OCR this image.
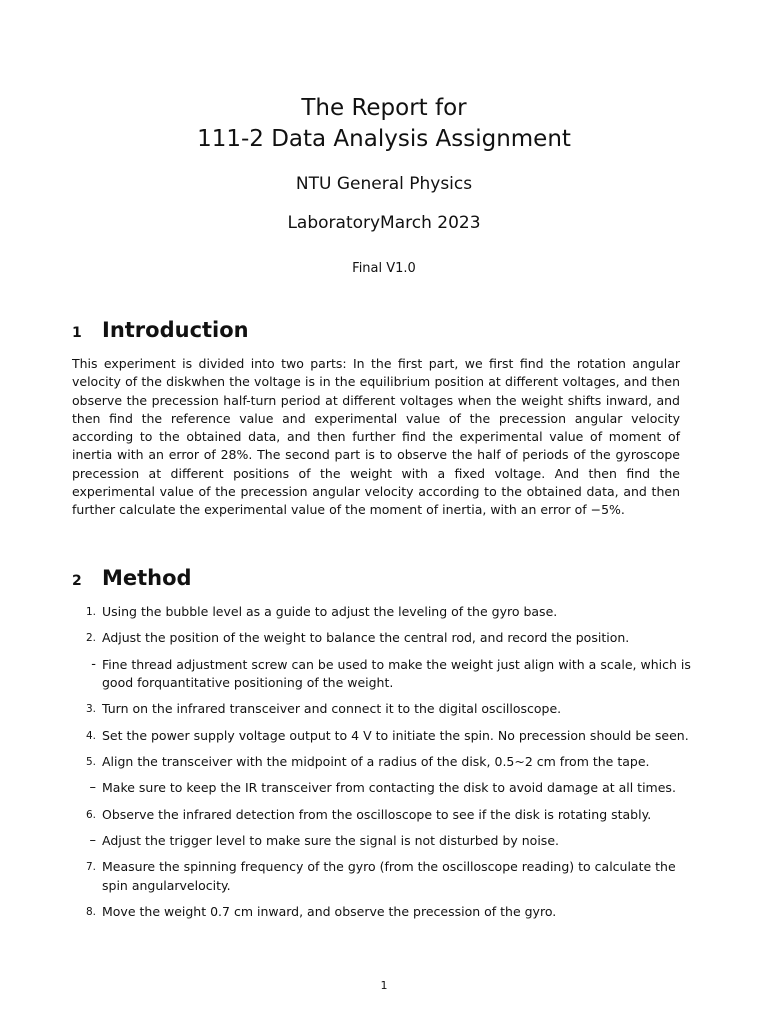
The Report for
111-2 Data Analysis Assignment
NTU General Physics
LaboratoryMarch 2023
Final V1.0
1 Introduction
This experiment is divided into two parts: In the first part, we first find the rotation angular velocity of the diskwhen the voltage is in the equilibrium position at different voltages, and then observe the precession half-turn period at different voltages when the weight shifts inward, and then find the reference value and experimental value of the precession angular velocity according to the obtained data, and then further find the experimental value of moment of inertia with an error of 28%. The second part is to observe the half of periods of the gyroscope precession at different positions of the weight with a fixed voltage. And then find the experimental value of the precession angular velocity according to the obtained data, and then further calculate the experimental value of the moment of inertia, with an error of −5%.
2 Method
1. Using the bubble level as a guide to adjust the leveling of the gyro base.
2. Adjust the position of the weight to balance the central rod, and record the position.
- Fine thread adjustment screw can be used to make the weight just align with a scale, which is good forquantitative positioning of the weight.
3. Turn on the infrared transceiver and connect it to the digital oscilloscope.
4. Set the power supply voltage output to 4 V to initiate the spin. No precession should be seen.
5. Align the transceiver with the midpoint of a radius of the disk, 0.5~2 cm from the tape.
– Make sure to keep the IR transceiver from contacting the disk to avoid damage at all times.
6. Observe the infrared detection from the oscilloscope to see if the disk is rotating stably.
– Adjust the trigger level to make sure the signal is not disturbed by noise.
7. Measure the spinning frequency of the gyro (from the oscilloscope reading) to calculate the spin angularvelocity.
8. Move the weight 0.7 cm inward, and observe the precession of the gyro.
1
